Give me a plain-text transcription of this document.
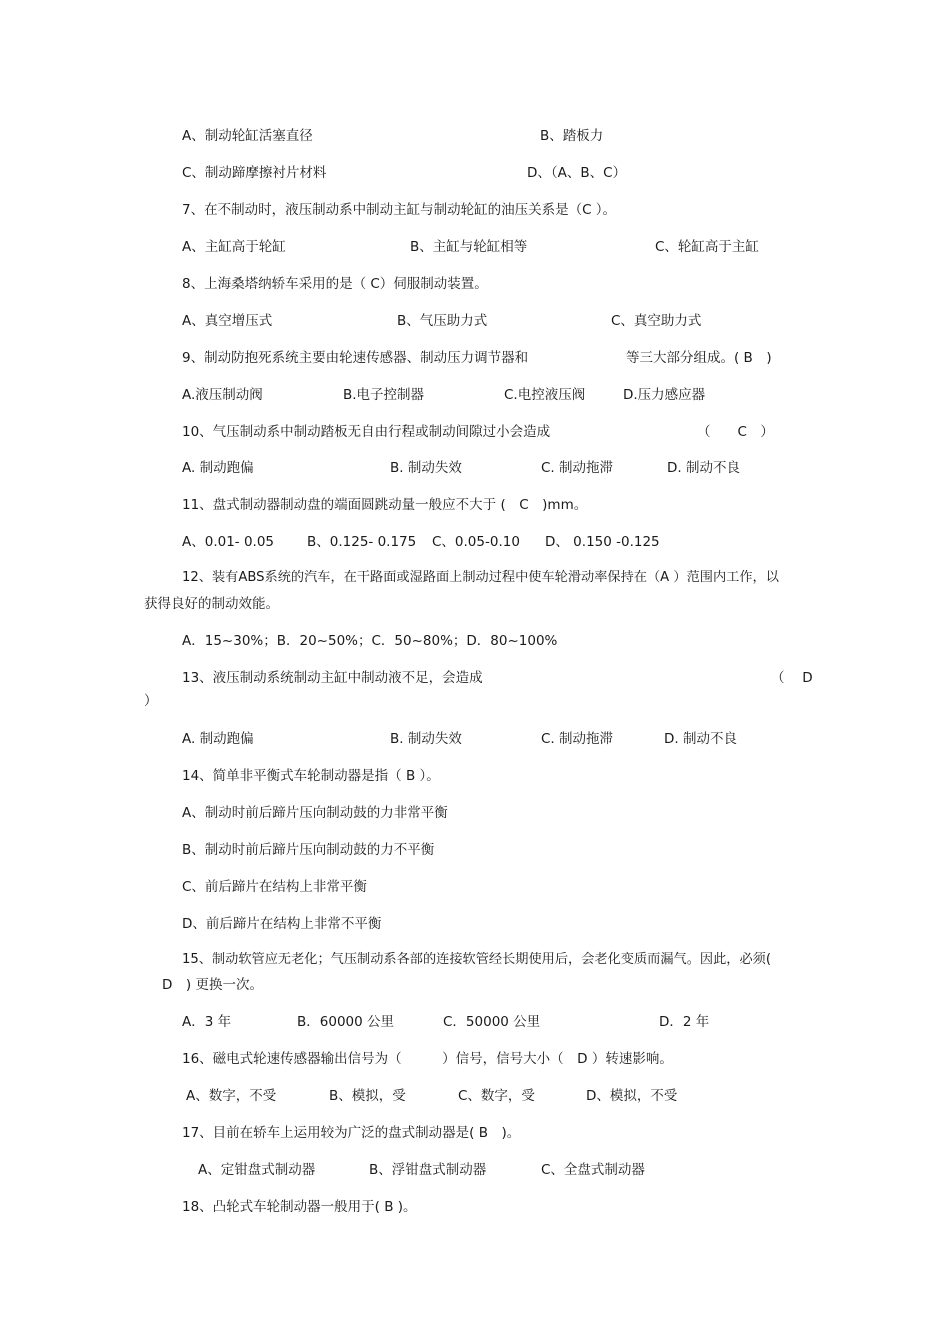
A、制动轮缸活塞直径	B、踏板力
C、制动蹄摩擦衬片材料	D、（A、B、C）
7、在不制动时，液压制动系中制动主缸与制动轮缸的油压关系是（C ）。
A、主缸高于轮缸	B、主缸与轮缸相等	C、轮缸高于主缸
8、上海桑塔纳轿车采用的是（ C）伺服制动装置。
A、真空增压式	B、气压助力式	C、真空助力式
9、制动防抱死系统主要由轮速传感器、制动压力调节器和	等三大部分组成。( B　)
A.液压制动阀	B.电子控制器	C.电控液压阀	D.压力感应器
10、气压制动系中制动踏板无自由行程或制动间隙过小会造成	（　　C　）
A. 制动跑偏	B. 制动失效	C. 制动拖滞	D. 制动不良
11、盘式制动器制动盘的端面圆跳动量一般应不大于 (　C　)mm。
A、0.01- 0.05 B、0.125- 0.175 C、0.05-0.10 D、 0.150 -0.125
12、装有ABS系统的汽车，在干路面或湿路面上制动过程中使车轮滑动率保持在（A ）范围内工作，以
获得良好的制动效能。
A．15~30%；B．20~50%；C．50~80%；D．80~100%
13、液压制动系统制动主缸中制动液不足，会造成	（　 D
）
A. 制动跑偏	B. 制动失效	C. 制动拖滞	D. 制动不良
14、简单非平衡式车轮制动器是指（ B ）。
A、制动时前后蹄片压向制动鼓的力非常平衡
B、制动时前后蹄片压向制动鼓的力不平衡
C、前后蹄片在结构上非常平衡
D、前后蹄片在结构上非常不平衡
15、制动软管应无老化；气压制动系各部的连接软管经长期使用后，会老化变质而漏气。因此，必须(
D　) 更换一次。
A．3 年	B．60000 公里	C．50000 公里	D．2 年
16、磁电式轮速传感器输出信号为（　　　）信号，信号大小（　D ）转速影响。
A、数字，不受	B、模拟，受	C、数字，受	D、模拟，不受
17、目前在轿车上运用较为广泛的盘式制动器是( B　)。
A、定钳盘式制动器	B、浮钳盘式制动器	C、全盘式制动器
18、凸轮式车轮制动器一般用于( B )。
